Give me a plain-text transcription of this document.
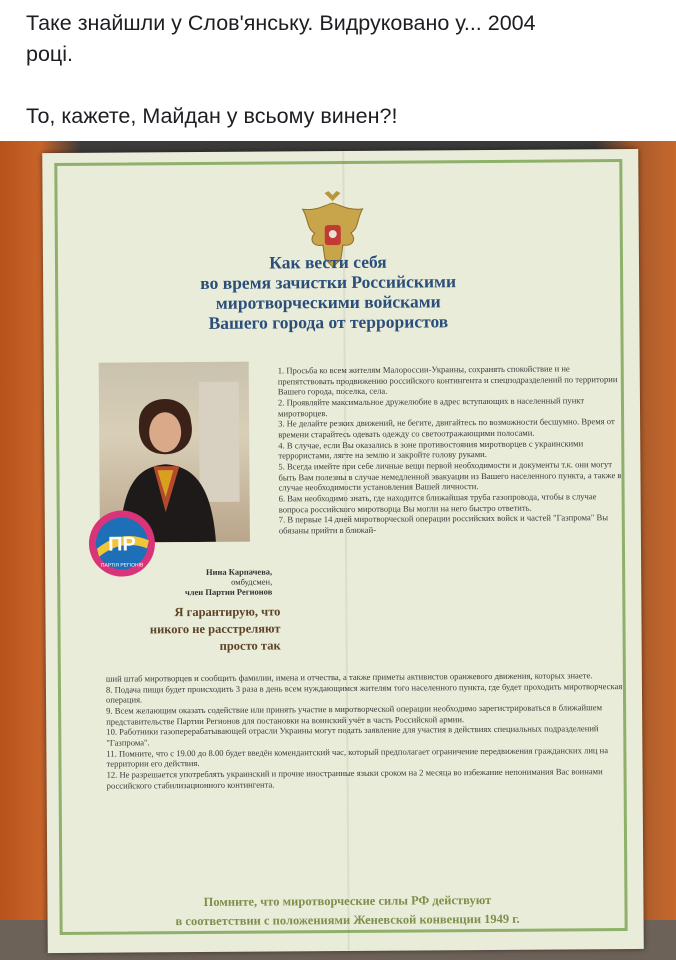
Таке знайшли у Слов'янську. Видруковано у... 2004

році.

То, кажете, Майдан у всьому винен?!

Как вести себя
во время зачистки Российскими
миротворческими войсками
Вашего города от террористов
ПР
ПАРТІЯ РЕГІОНІВ
Нина Карпачева,
омбудсмен,
член Партии Регионов
Я гарантирую, что
никого не расстреляют
просто так

1. Просьба ко всем жителям Малороссии-Украины, сохранять спокойствие и не препятствовать продвижению российского контингента и спецподразделений по территории Вашего города, поселка, села.

2. Проявляйте максимальное дружелюбие в адрес вступающих в населенный пункт миротворцев.

3. Не делайте резких движений, не бегите, двигайтесь по возможности бесшумно. Время от времени старайтесь одевать одежду со светоотражающими полосами.

4. В случае, если Вы оказались в зоне противостояния миротворцев с украинскими террористами, лягте на землю и закройте голову руками.

5. Всегда имейте при себе личные вещи первой необходимости и документы т.к. они могут быть Вам полезны в случае немедленной эвакуации из Вашего населенного пункта, а также в случае необходимости установления Вашей личности.

6. Вам необходимо знать, где находится ближайшая труба газопровода, чтобы в случае вопроса российского миротворца Вы могли на него быстро ответить.

7. В первые 14 дней миротворческой операции российских войск и частей "Газпрома" Вы обязаны прийти в ближай-

ший штаб миротворцев и сообщить фамилии, имена и отчества, а также приметы активистов оранжевого движения, которых знаете.

8. Подача пищи будет происходить 3 раза в день всем нуждающимся жителям того населенного пункта, где будет проходить миротворческая операция.

9. Всем желающим оказать содействие или принять участие в миротворческой операции необходимо зарегистрироваться в ближайшем представительстве Партии Регионов для постановки на воинский учёт в часть Российской армии.

10. Работники газоперерабатывающей отрасли Украины могут подать заявление для участия в действиях специальных подразделений "Газпрома".

11. Помните, что с 19.00 до 8.00 будет введён комендантский час, который предполагает ограничение передвижения гражданских лиц на территории его действия.

12. Не разрешается употреблять украинский и прочие иностранные языки сроком на 2 месяца во избежание непонимания Вас воинами российского стабилизационного контингента.

Помните, что миротворческие силы РФ действуют
в соответствии с положениями Женевской конвенции 1949 г.
